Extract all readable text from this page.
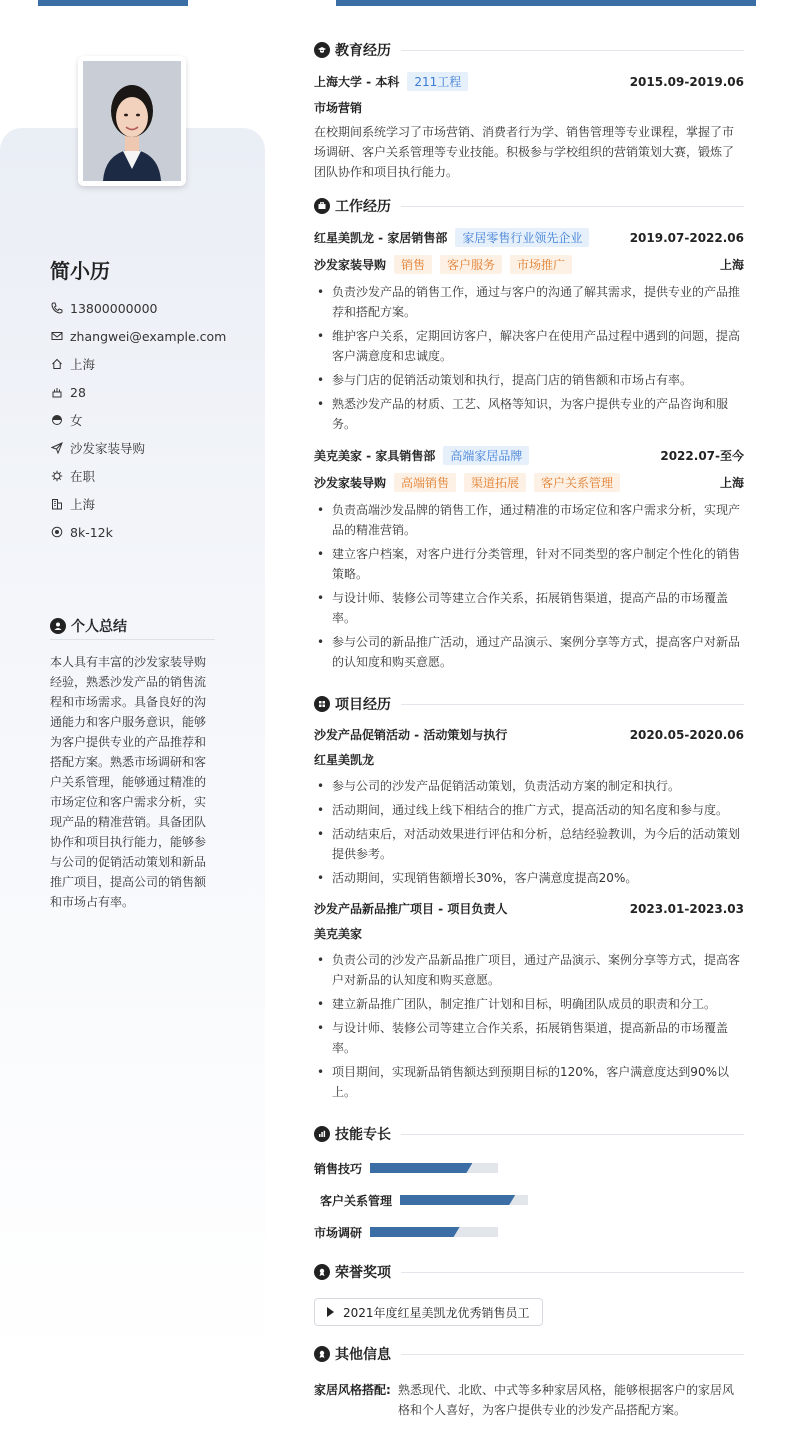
简小历
13800000000
zhangwei@example.com
上海
28
女
沙发家装导购
在职
上海
8k-12k
个人总结
本人具有丰富的沙发家装导购经验，熟悉沙发产品的销售流程和市场需求。具备良好的沟通能力和客户服务意识，能够为客户提供专业的产品推荐和搭配方案。熟悉市场调研和客户关系管理，能够通过精准的市场定位和客户需求分析，实现产品的精准营销。具备团队协作和项目执行能力，能够参与公司的促销活动策划和新品推广项目，提高公司的销售额和市场占有率。
教育经历
上海大学 - 本科	211工程	2015.09-2019.06
市场营销
在校期间系统学习了市场营销、消费者行为学、销售管理等专业课程，掌握了市场调研、客户关系管理等专业技能。积极参与学校组织的营销策划大赛，锻炼了团队协作和项目执行能力。
工作经历
红星美凯龙 - 家居销售部	家居零售行业领先企业	2019.07-2022.06
沙发家装导购	销售	客户服务	市场推广	上海
• 负责沙发产品的销售工作，通过与客户的沟通了解其需求，提供专业的产品推荐和搭配方案。
• 维护客户关系，定期回访客户，解决客户在使用产品过程中遇到的问题，提高客户满意度和忠诚度。
• 参与门店的促销活动策划和执行，提高门店的销售额和市场占有率。
• 熟悉沙发产品的材质、工艺、风格等知识，为客户提供专业的产品咨询和服务。
美克美家 - 家具销售部	高端家居品牌	2022.07-至今
沙发家装导购	高端销售	渠道拓展	客户关系管理	上海
• 负责高端沙发品牌的销售工作，通过精准的市场定位和客户需求分析，实现产品的精准营销。
• 建立客户档案，对客户进行分类管理，针对不同类型的客户制定个性化的销售策略。
• 与设计师、装修公司等建立合作关系，拓展销售渠道，提高产品的市场覆盖率。
• 参与公司的新品推广活动，通过产品演示、案例分享等方式，提高客户对新品的认知度和购买意愿。
项目经历
沙发产品促销活动 - 活动策划与执行	2020.05-2020.06
红星美凯龙
• 参与公司的沙发产品促销活动策划，负责活动方案的制定和执行。
• 活动期间，通过线上线下相结合的推广方式，提高活动的知名度和参与度。
• 活动结束后，对活动效果进行评估和分析，总结经验教训，为今后的活动策划提供参考。
• 活动期间，实现销售额增长30%，客户满意度提高20%。
沙发产品新品推广项目 - 项目负责人	2023.01-2023.03
美克美家
• 负责公司的沙发产品新品推广项目，通过产品演示、案例分享等方式，提高客户对新品的认知度和购买意愿。
• 建立新品推广团队，制定推广计划和目标，明确团队成员的职责和分工。
• 与设计师、装修公司等建立合作关系，拓展销售渠道，提高新品的市场覆盖率。
• 项目期间，实现新品销售额达到预期目标的120%，客户满意度达到90%以上。
技能专长
销售技巧
客户关系管理
市场调研
荣誉奖项
2021年度红星美凯龙优秀销售员工
其他信息
家居风格搭配: 熟悉现代、北欧、中式等多种家居风格，能够根据客户的家居风格和个人喜好，为客户提供专业的沙发产品搭配方案。
